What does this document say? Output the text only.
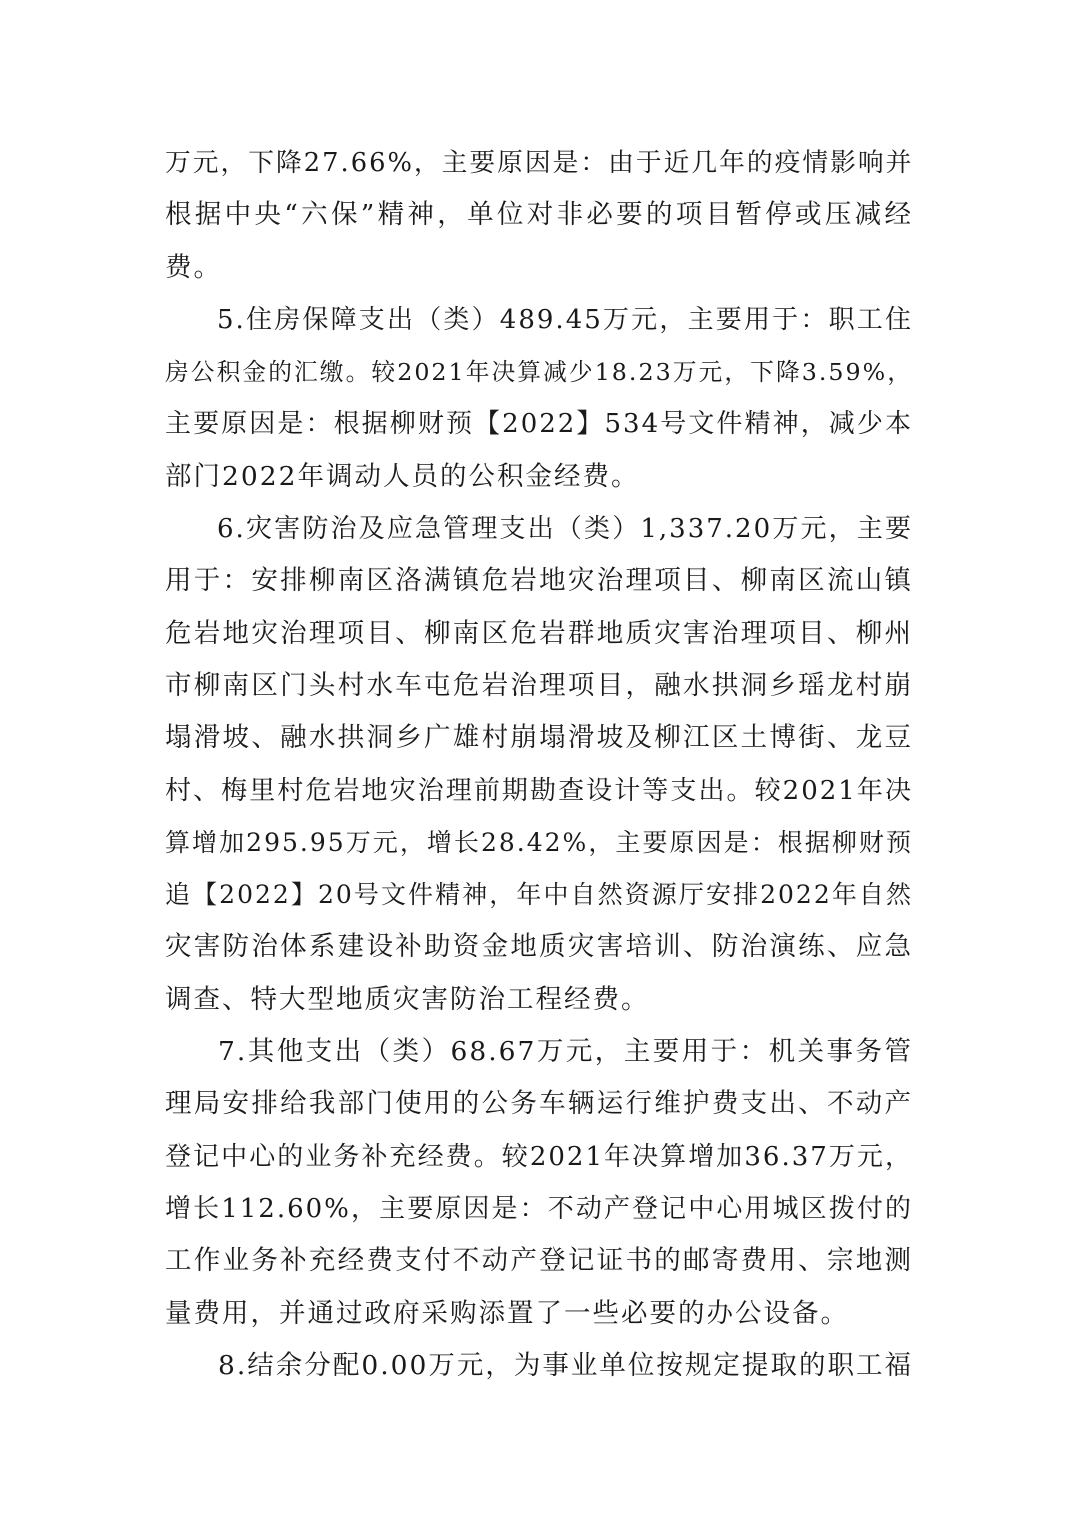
万元，下降27.66%，主要原因是：由于近几年的疫情影响并
根据中央“六保”精神，单位对非必要的项目暂停或压减经
费。
5.住房保障支出（类）489.45万元，主要用于：职工住
房公积金的汇缴。较2021年决算减少18.23万元，下降3.59%，
主要原因是：根据柳财预【2022】534号文件精神，减少本
部门2022年调动人员的公积金经费。
6.灾害防治及应急管理支出（类）1,337.20万元，主要
用于：安排柳南区洛满镇危岩地灾治理项目、柳南区流山镇
危岩地灾治理项目、柳南区危岩群地质灾害治理项目、柳州
市柳南区门头村水车屯危岩治理项目，融水拱洞乡瑶龙村崩
塌滑坡、融水拱洞乡广雄村崩塌滑坡及柳江区土博街、龙豆
村、梅里村危岩地灾治理前期勘查设计等支出。较2021年决
算增加295.95万元，增长28.42%，主要原因是：根据柳财预
追【2022】20号文件精神，年中自然资源厅安排2022年自然
灾害防治体系建设补助资金地质灾害培训、防治演练、应急
调查、特大型地质灾害防治工程经费。
7.其他支出（类）68.67万元，主要用于：机关事务管
理局安排给我部门使用的公务车辆运行维护费支出、不动产
登记中心的业务补充经费。较2021年决算增加36.37万元，
增长112.60%，主要原因是：不动产登记中心用城区拨付的
工作业务补充经费支付不动产登记证书的邮寄费用、宗地测
量费用，并通过政府采购添置了一些必要的办公设备。
8.结余分配0.00万元，为事业单位按规定提取的职工福
